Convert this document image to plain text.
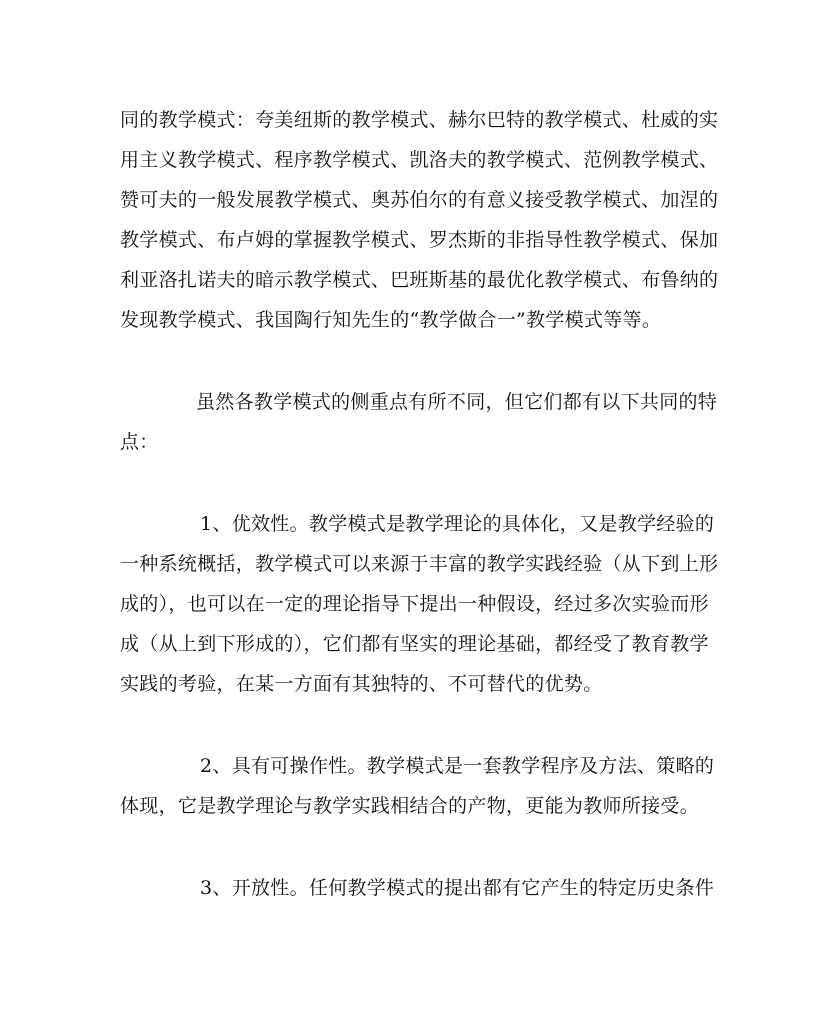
同的教学模式：夸美纽斯的教学模式、赫尔巴特的教学模式、杜威的实
用主义教学模式、程序教学模式、凯洛夫的教学模式、范例教学模式、
赞可夫的一般发展教学模式、奥苏伯尔的有意义接受教学模式、加涅的
教学模式、布卢姆的掌握教学模式、罗杰斯的非指导性教学模式、保加
利亚洛扎诺夫的暗示教学模式、巴班斯基的最优化教学模式、布鲁纳的
发现教学模式、我国陶行知先生的“教学做合一”教学模式等等。
虽然各教学模式的侧重点有所不同，但它们都有以下共同的特
点：
1、优效性。教学模式是教学理论的具体化，又是教学经验的
一种系统概括，教学模式可以来源于丰富的教学实践经验（从下到上形
成的），也可以在一定的理论指导下提出一种假设，经过多次实验而形
成（从上到下形成的），它们都有坚实的理论基础，都经受了教育教学
实践的考验，在某一方面有其独特的、不可替代的优势。
2、具有可操作性。教学模式是一套教学程序及方法、策略的
体现，它是教学理论与教学实践相结合的产物，更能为教师所接受。
3、开放性。任何教学模式的提出都有它产生的特定历史条件
